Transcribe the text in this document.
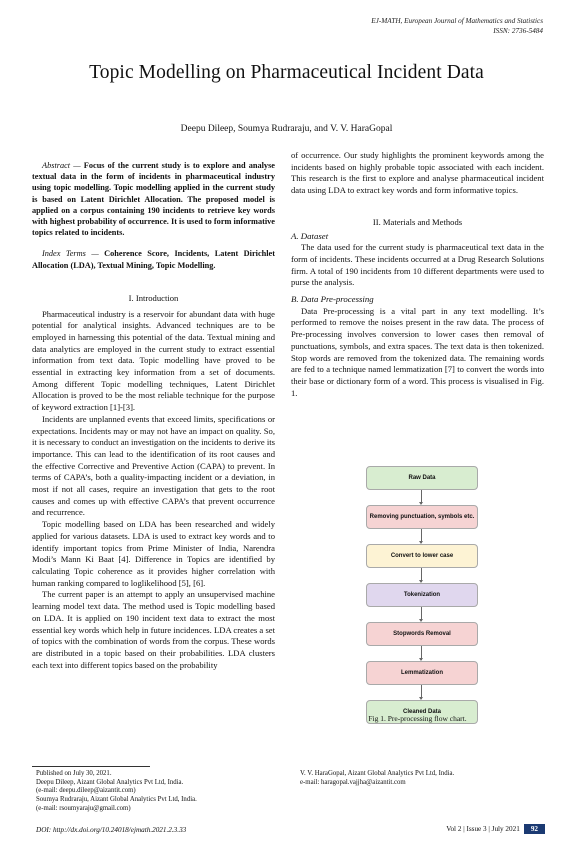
EJ-MATH, European Journal of Mathematics and Statistics
ISSN: 2736-5484
Topic Modelling on Pharmaceutical Incident Data
Deepu Dileep, Soumya Rudraraju, and V. V. HaraGopal

Abstract — Focus of the current study is to explore and analyse textual data in the form of incidents in pharmaceutical industry using topic modelling. Topic modelling applied in the current study is based on Latent Dirichlet Allocation. The proposed model is applied on a corpus containing 190 incidents to retrieve key words with highest probability of occurrence. It is used to form informative topics related to incidents.

Index Terms — Coherence Score, Incidents, Latent Dirichlet Allocation (LDA), Textual Mining, Topic Modelling.

I. Introduction

Pharmaceutical industry is a reservoir for abundant data with huge potential for analytical insights. Advanced techniques are to be employed in harnessing this potential of the data. Textual mining and data analytics are employed in the current study to extract essential information from text data. Topic modelling have proved to be essential in extracting key information from a set of documents. Among different Topic modelling techniques, Latent Dirichlet Allocation is proved to be the most reliable technique for the purpose of keyword extraction [1]-[3].

Incidents are unplanned events that exceed limits, specifications or expectations. Incidents may or may not have an impact on quality. So, it is necessary to conduct an investigation on the incidents to derive its importance. This can lead to the identification of its root causes and the effective Corrective and Preventive Action (CAPA) to prevent. In terms of CAPA’s, both a quality-impacting incident or a deviation, in most if not all cases, require an investigation that gets to the root causes and comes up with effective CAPA’s that prevent occurrence and recurrence.

Topic modelling based on LDA has been researched and widely applied for various datasets. LDA is used to extract key words and to identify important topics from Prime Minister of India, Narendra Modi’s Mann Ki Baat [4]. Difference in Topics are identified by calculating Topic coherence as it provides higher correlation with human ranking compared to loglikelihood [5], [6].

The current paper is an attempt to apply an unsupervised machine learning model text data. The method used is Topic modelling based on LDA. It is applied on 190 incident text data to extract the most essential key words which help in future incidences. LDA creates a set of topics with the combination of words from the corpus. These words are distributed in a topic based on their probabilities. LDA clusters each text into different topics based on the probability

of occurrence. Our study highlights the prominent keywords among the incidents based on highly probable topic associated with each incident. This research is the first to explore and analyse pharmaceutical incident data using LDA to extract key words and form informative topics.

II. Materials and Methods

A. Dataset

The data used for the current study is pharmaceutical text data in the form of incidents. These incidents occurred at a Drug Research Solutions firm. A total of 190 incidents from 10 different departments were used to purse the analysis.

B. Data Pre-processing

Data Pre-processing is a vital part in any text modelling. It’s performed to remove the noises present in the raw data. The process of Pre-processing involves conversion to lower cases then removal of punctuations, symbols, and extra spaces. The text data is then tokenized. Stop words are removed from the tokenized data. The remaining words are fed to a technique named lemmatization [7] to convert the words into their base or dictionary form of a word. This process is visualised in Fig. 1.

Raw Data
Removing punctuation, symbols etc.
Convert to lower case
Tokenization
Stopwords Removal
Lemmatization
Cleaned Data
Fig 1. Pre-processing flow chart.
Published on July 30, 2021.
Deepu Dileep, Aizant Global Analytics Pvt Ltd, India.
(e-mail: deepu.dileep@aizantit.com)
Soumya Rudraraju, Aizant Global Analytics Pvt Ltd, India.
(e-mail: rsoumyaraju@gmail.com)
V. V. HaraGopal, Aizant Global Analytics Pvt Ltd, India.
e-mail: haragopal.vajjha@aizantit.com
DOI: http://dx.doi.org/10.24018/ejmath.2021.2.3.33	Vol 2 | Issue 3 | July 2021 92
